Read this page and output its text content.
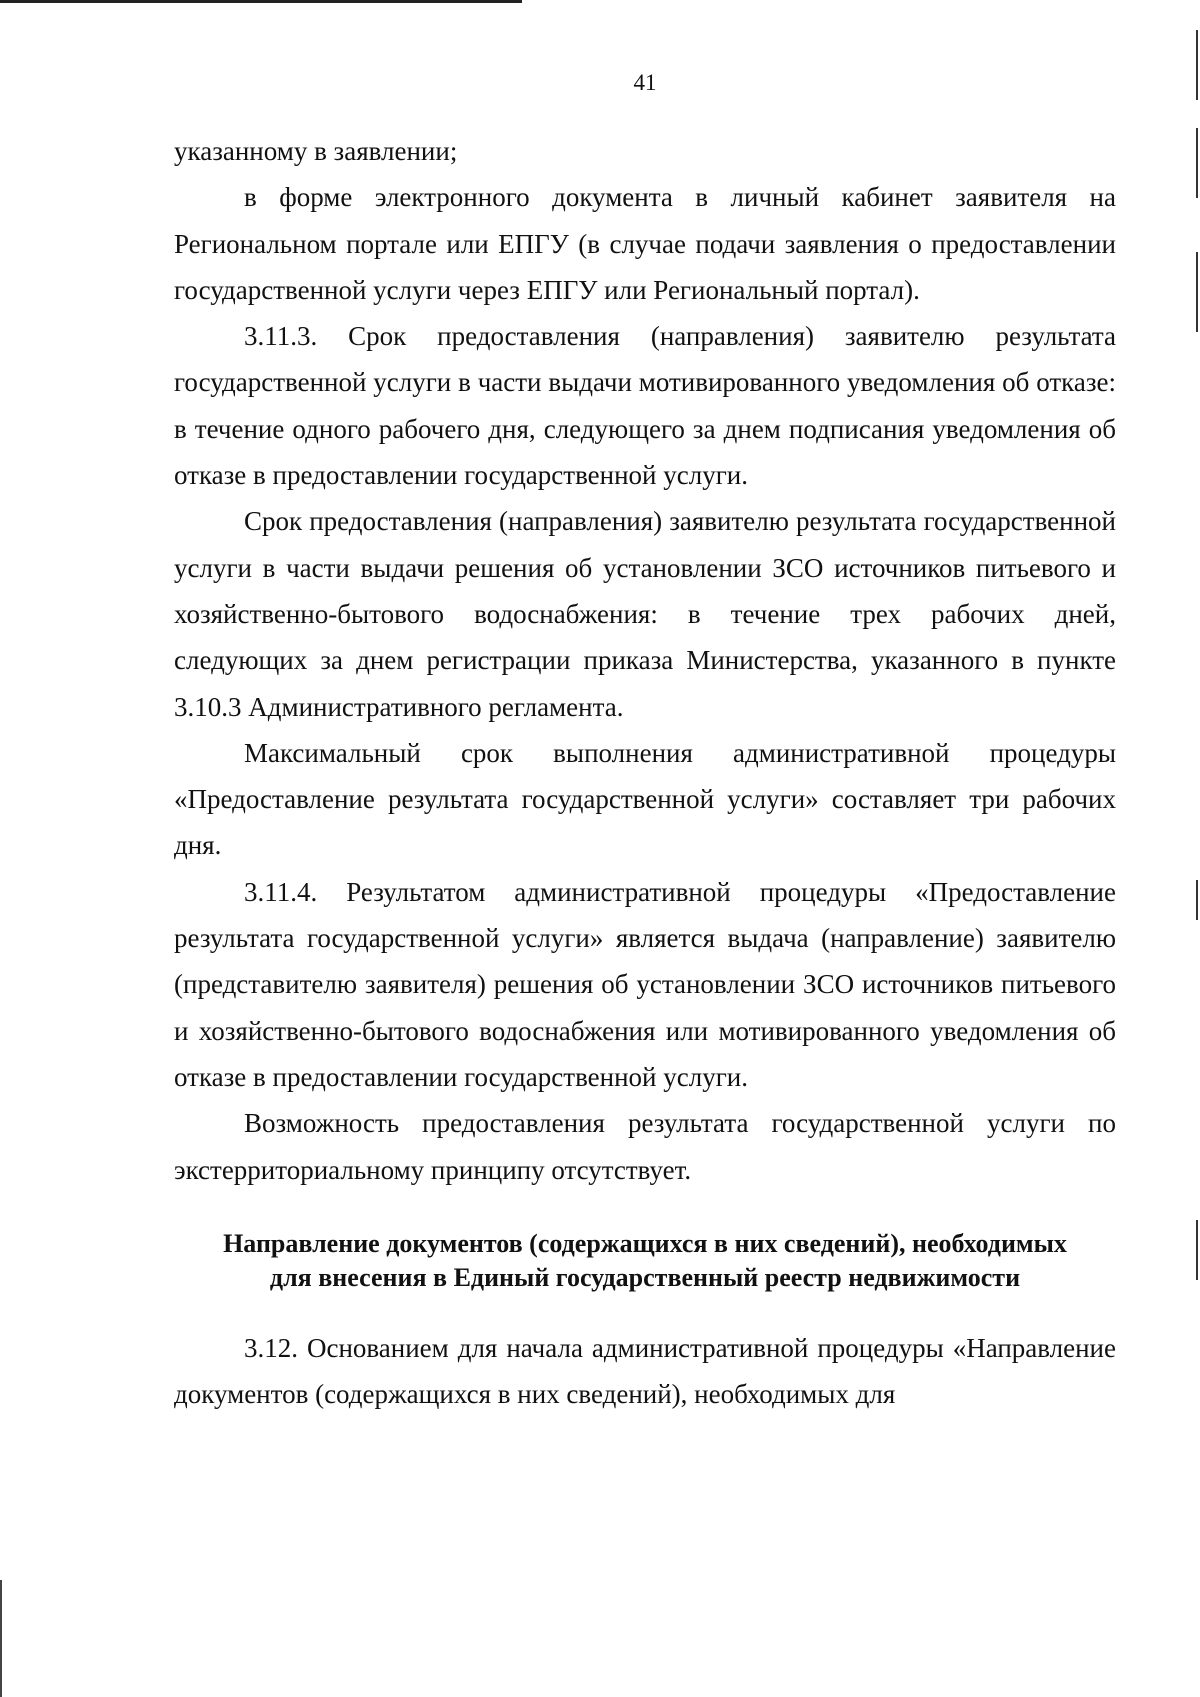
41

указанному в заявлении;

в форме электронного документа в личный кабинет заявителя на Региональном портале или ЕПГУ (в случае подачи заявления о предоставлении государственной услуги через ЕПГУ или Региональный портал).

3.11.3. Срок предоставления (направления) заявителю результата государственной услуги в части выдачи мотивированного уведомления об отказе: в течение одного рабочего дня, следующего за днем подписания уведомления об отказе в предоставлении государственной услуги.

Срок предоставления (направления) заявителю результата государственной услуги в части выдачи решения об установлении ЗСО источников питьевого и хозяйственно-бытового водоснабжения: в течение трех рабочих дней, следующих за днем регистрации приказа Министерства, указанного в пункте 3.10.3 Административного регламента.

Максимальный срок выполнения административной процедуры «Предоставление результата государственной услуги» составляет три рабочих дня.

3.11.4. Результатом административной процедуры «Предоставление результата государственной услуги» является выдача (направление) заявителю (представителю заявителя) решения об установлении ЗСО источников питьевого и хозяйственно-бытового водоснабжения или мотивированного уведомления об отказе в предоставлении государственной услуги.

Возможность предоставления результата государственной услуги по экстерриториальному принципу отсутствует.

Направление документов (содержащихся в них сведений), необходимых
для внесения в Единый государственный реестр недвижимости

3.12. Основанием для начала административной процедуры «Направление документов (содержащихся в них сведений), необходимых для
